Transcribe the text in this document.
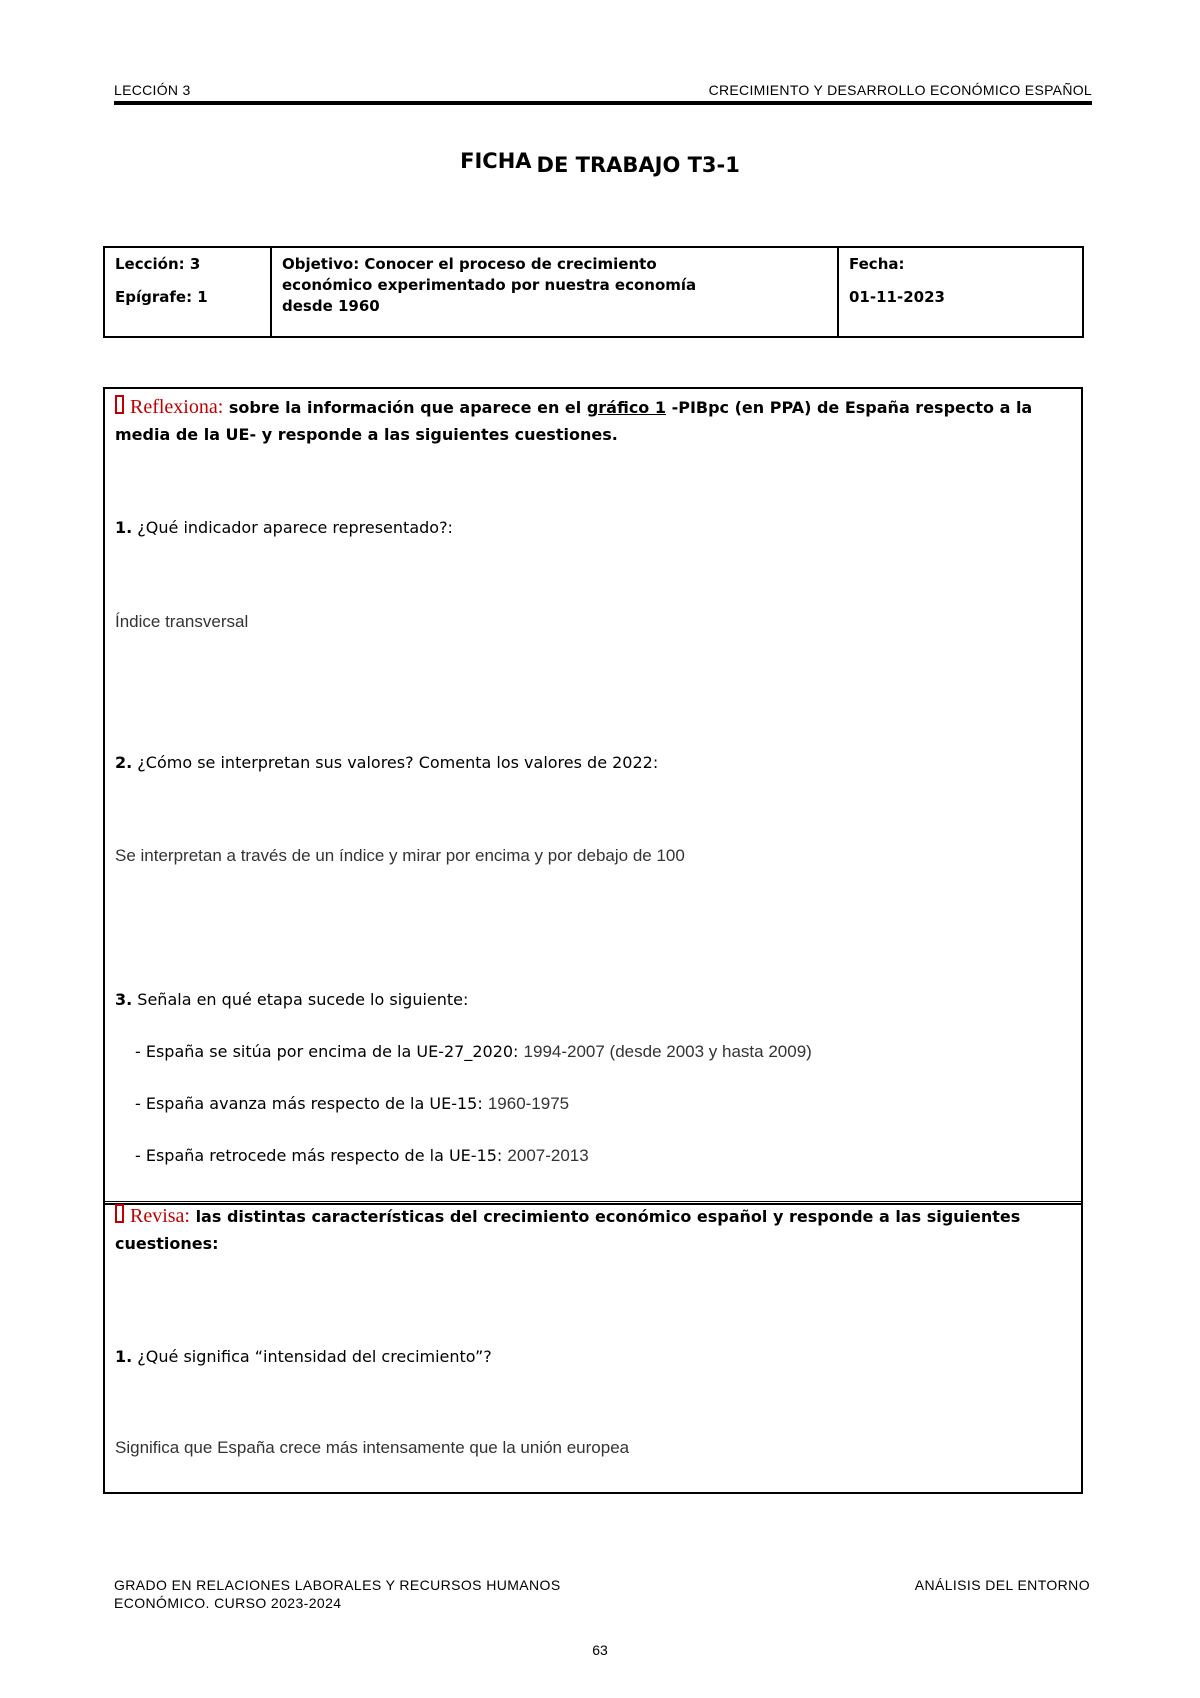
LECCIÓN 3	CRECIMIENTO Y DESARROLLO ECONÓMICO ESPAÑOL
FICHA DE TRABAJO T3-1
Lección: 3
Epígrafe: 1	
Objetivo: Conocer el proceso de crecimiento económico experimentado por nuestra economía desde 1960
	Fecha:
01-11-2023
Reflexiona: sobre la información que aparece en el gráfico 1 -PIBpc (en PPA) de España respecto a la media de la UE- y responde a las siguientes cuestiones.
1. ¿Qué indicador aparece representado?:
Índice transversal
2. ¿Cómo se interpretan sus valores? Comenta los valores de 2022:
Se interpretan a través de un índice y mirar por encima y por debajo de 100
3. Señala en qué etapa sucede lo siguiente:
- España se sitúa por encima de la UE-27_2020: 1994-2007 (desde 2003 y hasta 2009)
- España avanza más respecto de la UE-15: 1960-1975
- España retrocede más respecto de la UE-15: 2007-2013
Revisa: las distintas características del crecimiento económico español y responde a las siguientes cuestiones:
1. ¿Qué significa “intensidad del crecimiento”?
Significa que España crece más intensamente que la unión europea
GRADO EN RELACIONES LABORALES Y RECURSOS HUMANOS
ECONÓMICO. CURSO 2023-2024
ANÁLISIS DEL ENTORNO
63
